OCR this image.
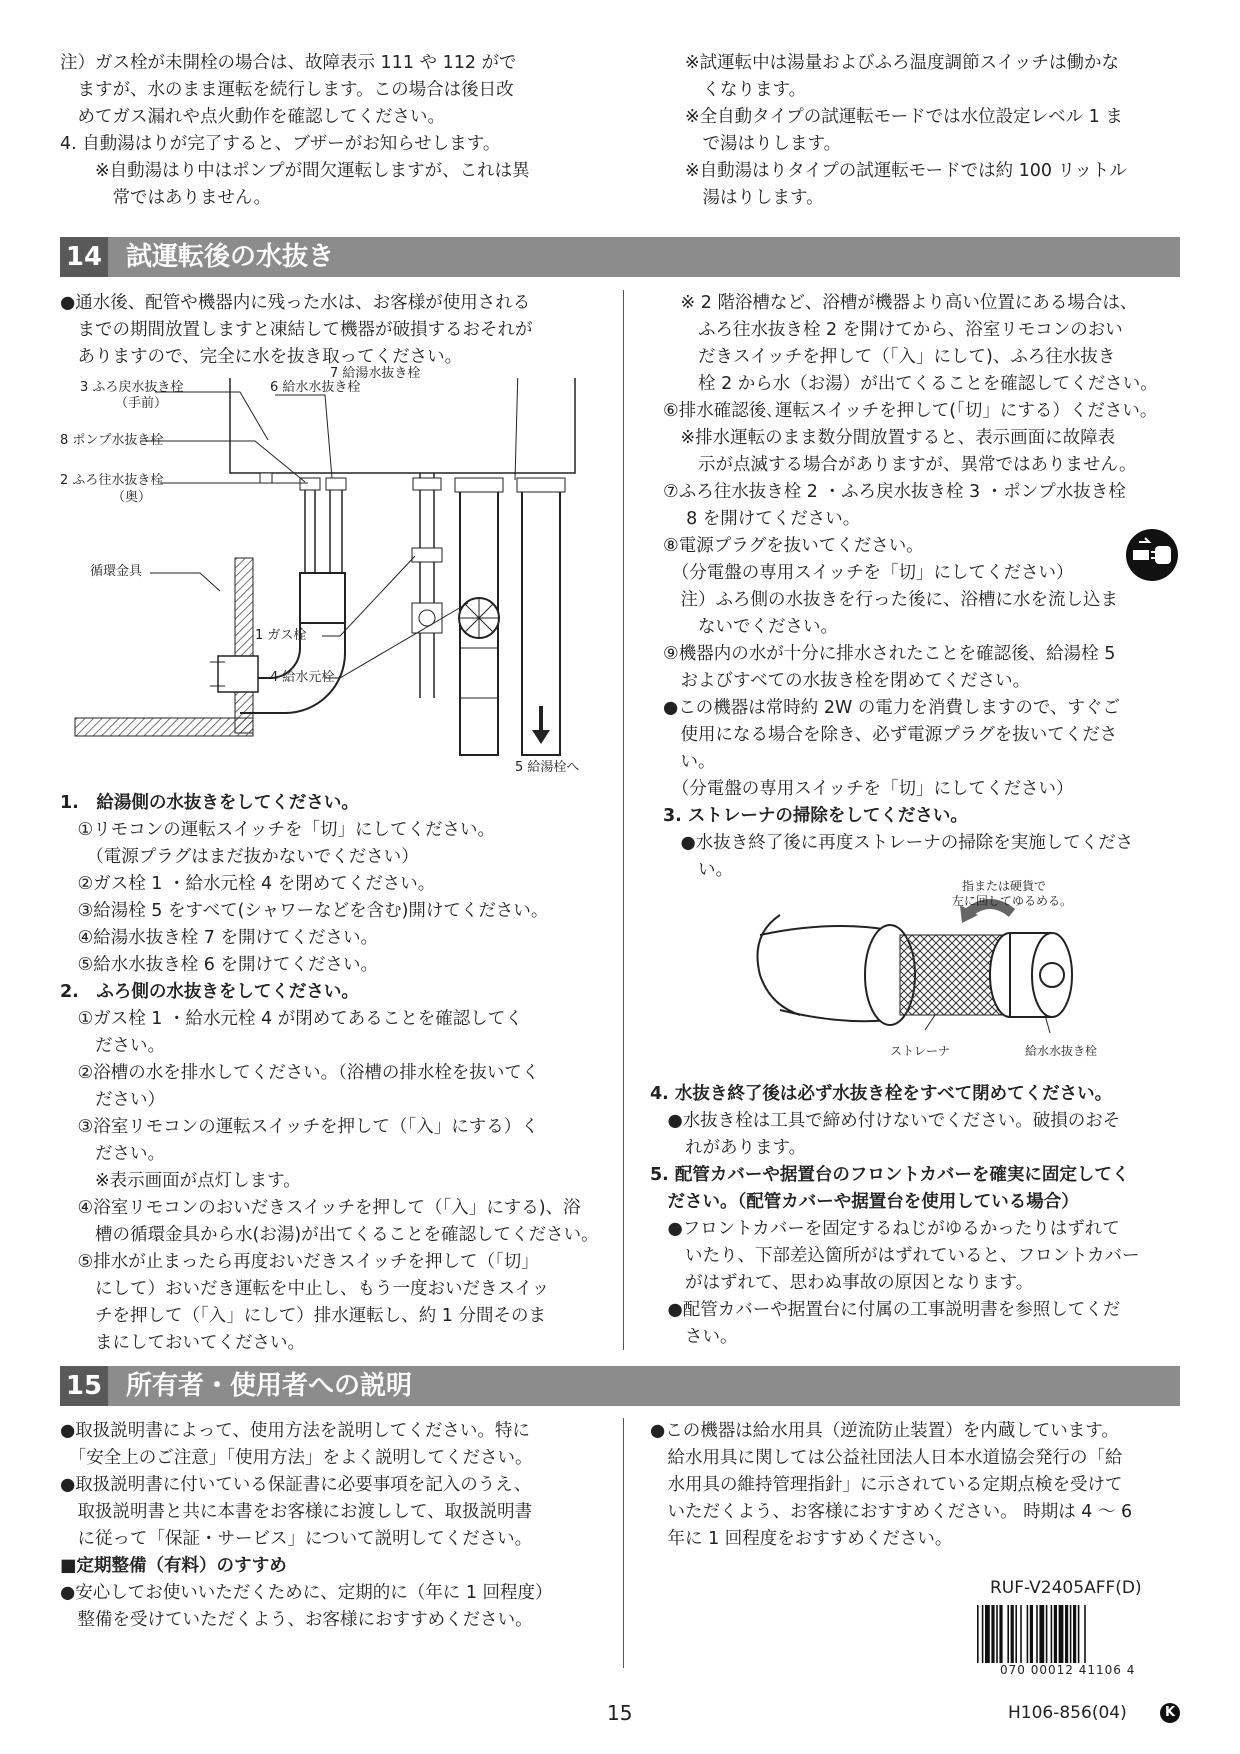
注）ガス栓が未開栓の場合は、故障表示 111 や 112 がで

　ますが、水のまま運転を続行します。この場合は後日改

　めてガス漏れや点火動作を確認してください。

4. 自動湯はりが完了すると、ブザーがお知らせします。

　　※自動湯はり中はポンプが間欠運転しますが、これは異

　　　常ではありません。

※試運転中は湯量およびふろ温度調節スイッチは働かな

　くなります。

※全自動タイプの試運転モードでは水位設定レベル 1 ま

　で湯はりします。

※自動湯はりタイプの試運転モードでは約 100 リットル

　湯はりします。

14 試運転後の水抜き

●通水後、配管や機器内に残った水は、お客様が使用される

　までの期間放置しますと凍結して機器が破損するおそれが

　ありますので、完全に水を抜き取ってください。

7 給湯水抜き栓
3 ふろ戻水抜き栓
（手前）
6 給水水抜き栓
8 ポンプ水抜き栓
2 ふろ往水抜き栓
（奥）
循環金具
1 ガス栓
4 給水元栓
5 給湯栓へ

1.　給湯側の水抜きをしてください。

　①リモコンの運転スイッチを「切」にしてください。

　　（電源プラグはまだ抜かないでください）

　②ガス栓 1 ・給水元栓 4 を閉めてください。

　③給湯栓 5 をすべて(シャワーなどを含む)開けてください。

　④給湯水抜き栓 7 を開けてください。

　⑤給水水抜き栓 6 を開けてください。

2.　ふろ側の水抜きをしてください。

　①ガス栓 1 ・給水元栓 4 が閉めてあることを確認してく

　　ださい。

　②浴槽の水を排水してください。（浴槽の排水栓を抜いてく

　　ださい）

　③浴室リモコンの運転スイッチを押して（「入」にする）く

　　ださい。

　　※表示画面が点灯します。

　④浴室リモコンのおいだきスイッチを押して（「入」にする)、浴

　　槽の循環金具から水(お湯)が出てくることを確認してください。

　⑤排水が止まったら再度おいだきスイッチを押して（「切」

　　にして）おいだき運転を中止し、もう一度おいだきスイッ

　　チを押して（「入」にして）排水運転し、約 1 分間そのま

　　まにしておいてください。

　※ 2 階浴槽など、浴槽が機器より高い位置にある場合は、

　　ふろ往水抜き栓 2 を開けてから、浴室リモコンのおい

　　だきスイッチを押して（「入」にして)、ふろ往水抜き

　　栓 2 から水（お湯）が出てくることを確認してください。

⑥排水確認後､運転スイッチを押して(「切」にする）ください。

　※排水運転のまま数分間放置すると、表示画面に故障表

　　示が点滅する場合がありますが、異常ではありません。

⑦ふろ往水抜き栓 2 ・ふろ戻水抜き栓 3 ・ポンプ水抜き栓

　 8 を開けてください。

⑧電源プラグを抜いてください。

　（分電盤の専用スイッチを「切」にしてください）

　注）ふろ側の水抜きを行った後に、浴槽に水を流し込ま

　　ないでください。

⑨機器内の水が十分に排水されたことを確認後、給湯栓 5

　およびすべての水抜き栓を閉めてください。

●この機器は常時約 2W の電力を消費しますので、すぐご

　使用になる場合を除き、必ず電源プラグを抜いてくださ

　い。

　（分電盤の専用スイッチを「切」にしてください）

3. ストレーナの掃除をしてください。

　●水抜き終了後に再度ストレーナの掃除を実施してくださ

　　い。

指または硬貨で
左に回してゆるめる。
ストレーナ	給水水抜き栓

4. 水抜き終了後は必ず水抜き栓をすべて閉めてください。

　●水抜き栓は工具で締め付けないでください。破損のおそ

　　れがあります。

5. 配管カバーや据置台のフロントカバーを確実に固定してく

　ださい。（配管カバーや据置台を使用している場合）

　●フロントカバーを固定するねじがゆるかったりはずれて

　　いたり、下部差込箇所がはずれていると、フロントカバー

　　がはずれて、思わぬ事故の原因となります。

　●配管カバーや据置台に付属の工事説明書を参照してくだ

　　さい。

15 所有者・使用者への説明

●取扱説明書によって、使用方法を説明してください。特に

　「安全上のご注意」「使用方法」をよく説明してください。

●取扱説明書に付いている保証書に必要事項を記入のうえ、

　取扱説明書と共に本書をお客様にお渡しして、取扱説明書

　に従って「保証・サービス」について説明してください。

■定期整備（有料）のすすめ

●安心してお使いいただくために、定期的に（年に 1 回程度）

　整備を受けていただくよう、お客様におすすめください。

●この機器は給水用具（逆流防止装置）を内蔵しています。

　給水用具に関しては公益社団法人日本水道協会発行の「給

　水用具の維持管理指針」に示されている定期点検を受けて

　いただくよう、お客様におすすめください。 時期は 4 ～ 6

　年に 1 回程度をおすすめください。

RUF-V2405AFF(D)
070 00012 41106 4
15	H106-856(04)	K
